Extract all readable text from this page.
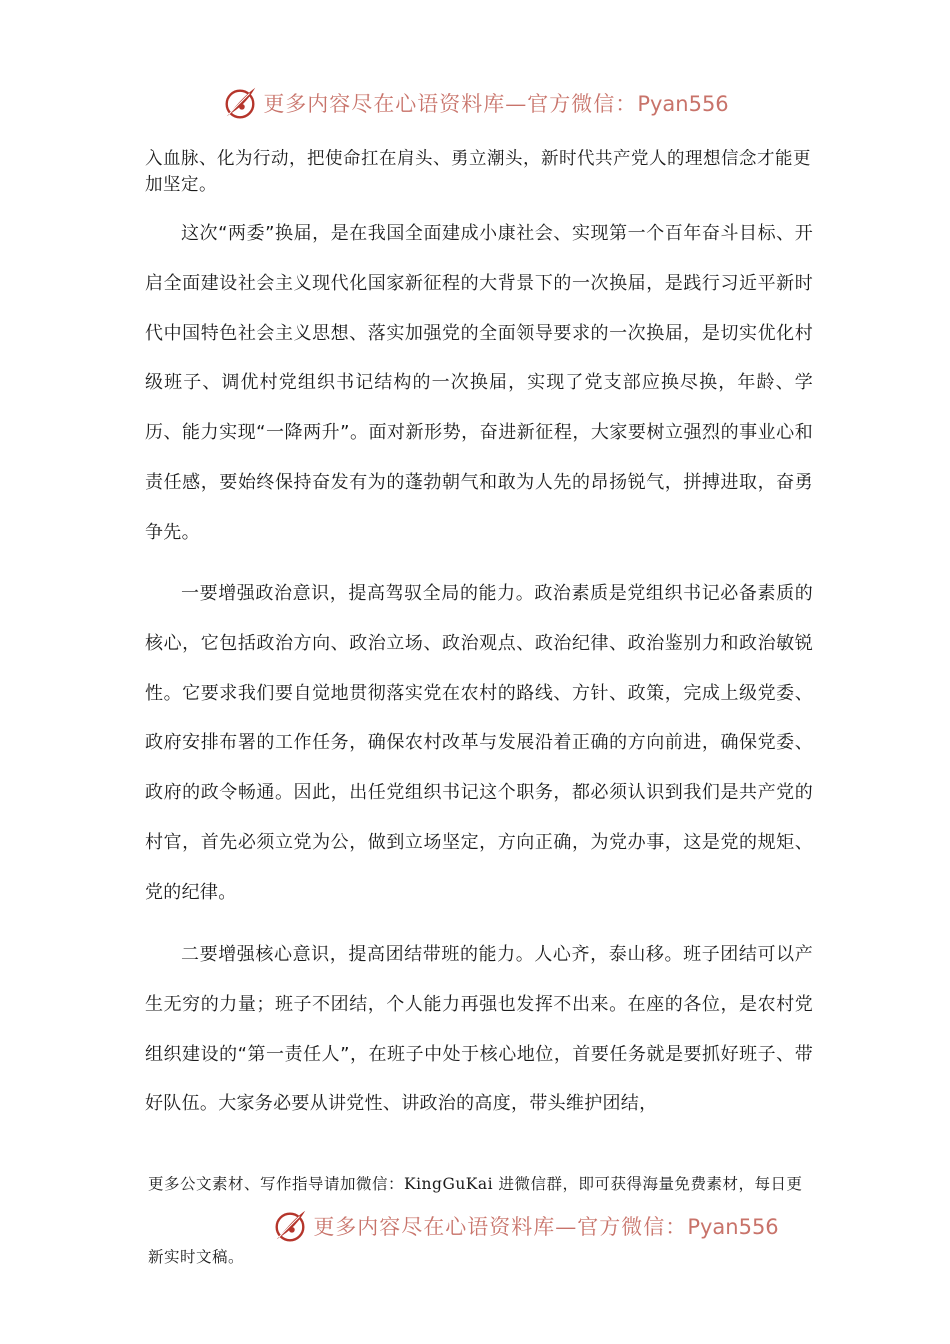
更多内容尽在心语资料库—官方微信：Pyan556
入血脉、化为行动，把使命扛在肩头、勇立潮头，新时代共产党人的理想信念才能更加坚定。
这次“两委”换届，是在我国全面建成小康社会、实现第一个百年奋斗目标、开启全面建设社会主义现代化国家新征程的大背景下的一次换届，是践行习近平新时代中国特色社会主义思想、落实加强党的全面领导要求的一次换届，是切实优化村级班子、调优村党组织书记结构的一次换届，实现了党支部应换尽换，年龄、学历、能力实现“一降两升”。面对新形势，奋进新征程，大家要树立强烈的事业心和责任感，要始终保持奋发有为的蓬勃朝气和敢为人先的昂扬锐气，拼搏进取，奋勇争先。
一要增强政治意识，提高驾驭全局的能力。政治素质是党组织书记必备素质的核心，它包括政治方向、政治立场、政治观点、政治纪律、政治鉴别力和政治敏锐性。它要求我们要自觉地贯彻落实党在农村的路线、方针、政策，完成上级党委、政府安排布署的工作任务，确保农村改革与发展沿着正确的方向前进，确保党委、政府的政令畅通。因此，出任党组织书记这个职务，都必须认识到我们是共产党的村官，首先必须立党为公，做到立场坚定，方向正确，为党办事，这是党的规矩、党的纪律。
二要增强核心意识，提高团结带班的能力。人心齐，泰山移。班子团结可以产生无穷的力量；班子不团结，个人能力再强也发挥不出来。在座的各位，是农村党组织建设的“第一责任人”，在班子中处于核心地位，首要任务就是要抓好班子、带好队伍。大家务必要从讲党性、讲政治的高度，带头维护团结，
更多公文素材、写作指导请加微信：KingGuKai 进微信群，即可获得海量免费素材，每日更
更多内容尽在心语资料库—官方微信：Pyan556
新实时文稿。
